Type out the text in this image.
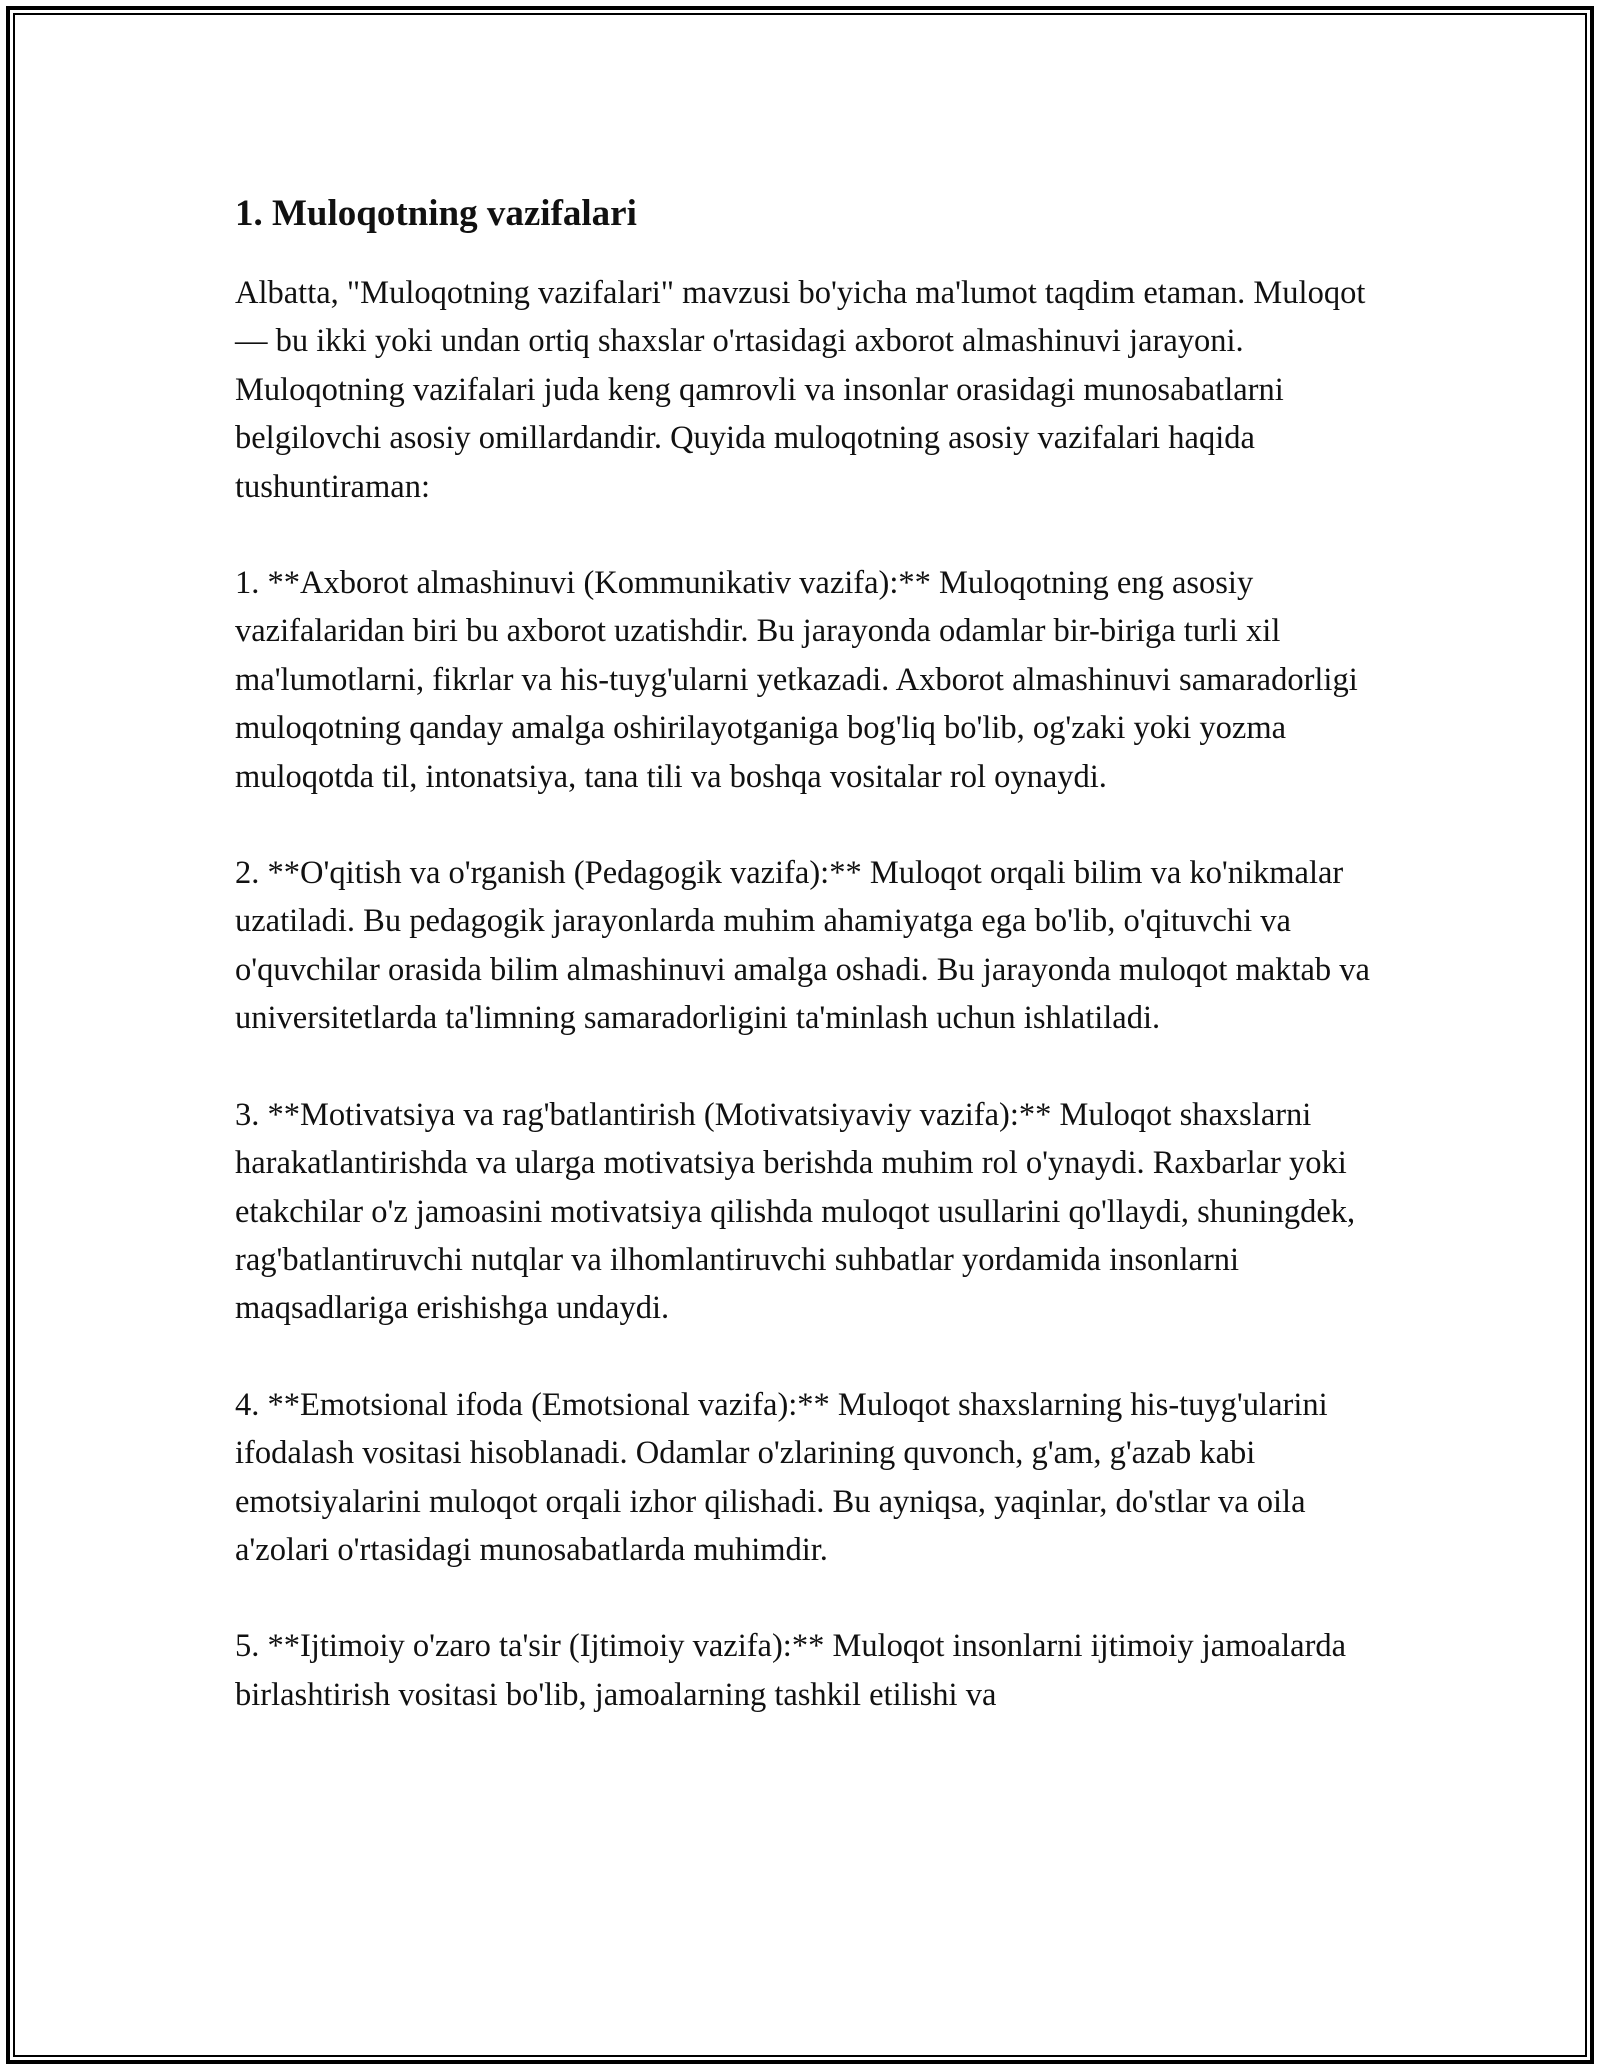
1. Muloqotning vazifalari

Albatta, "Muloqotning vazifalari" mavzusi bo'yicha ma'lumot taqdim etaman. Muloqot — bu ikki yoki undan ortiq shaxslar o'rtasidagi axborot almashinuvi jarayoni. Muloqotning vazifalari juda keng qamrovli va insonlar orasidagi munosabatlarni belgilovchi asosiy omillardandir. Quyida muloqotning asosiy vazifalari haqida tushuntiraman:

1. **Axborot almashinuvi (Kommunikativ vazifa):** Muloqotning eng asosiy vazifalaridan biri bu axborot uzatishdir. Bu jarayonda odamlar bir-biriga turli xil ma'lumotlarni, fikrlar va his-tuyg'ularni yetkazadi. Axborot almashinuvi samaradorligi muloqotning qanday amalga oshirilayotganiga bog'liq bo'lib, og'zaki yoki yozma muloqotda til, intonatsiya, tana tili va boshqa vositalar rol oynaydi.

2. **O'qitish va o'rganish (Pedagogik vazifa):** Muloqot orqali bilim va ko'nikmalar uzatiladi. Bu pedagogik jarayonlarda muhim ahamiyatga ega bo'lib, o'qituvchi va o'quvchilar orasida bilim almashinuvi amalga oshadi. Bu jarayonda muloqot maktab va universitetlarda ta'limning samaradorligini ta'minlash uchun ishlatiladi.

3. **Motivatsiya va rag'batlantirish (Motivatsiyaviy vazifa):** Muloqot shaxslarni harakatlantirishda va ularga motivatsiya berishda muhim rol o'ynaydi. Raxbarlar yoki etakchilar o'z jamoasini motivatsiya qilishda muloqot usullarini qo'llaydi, shuningdek, rag'batlantiruvchi nutqlar va ilhomlantiruvchi suhbatlar yordamida insonlarni maqsadlariga erishishga undaydi.

4. **Emotsional ifoda (Emotsional vazifa):** Muloqot shaxslarning his-tuyg'ularini ifodalash vositasi hisoblanadi. Odamlar o'zlarining quvonch, g'am, g'azab kabi emotsiyalarini muloqot orqali izhor qilishadi. Bu ayniqsa, yaqinlar, do'stlar va oila a'zolari o'rtasidagi munosabatlarda muhimdir.

5. **Ijtimoiy o'zaro ta'sir (Ijtimoiy vazifa):** Muloqot insonlarni ijtimoiy jamoalarda birlashtirish vositasi bo'lib, jamoalarning tashkil etilishi va
